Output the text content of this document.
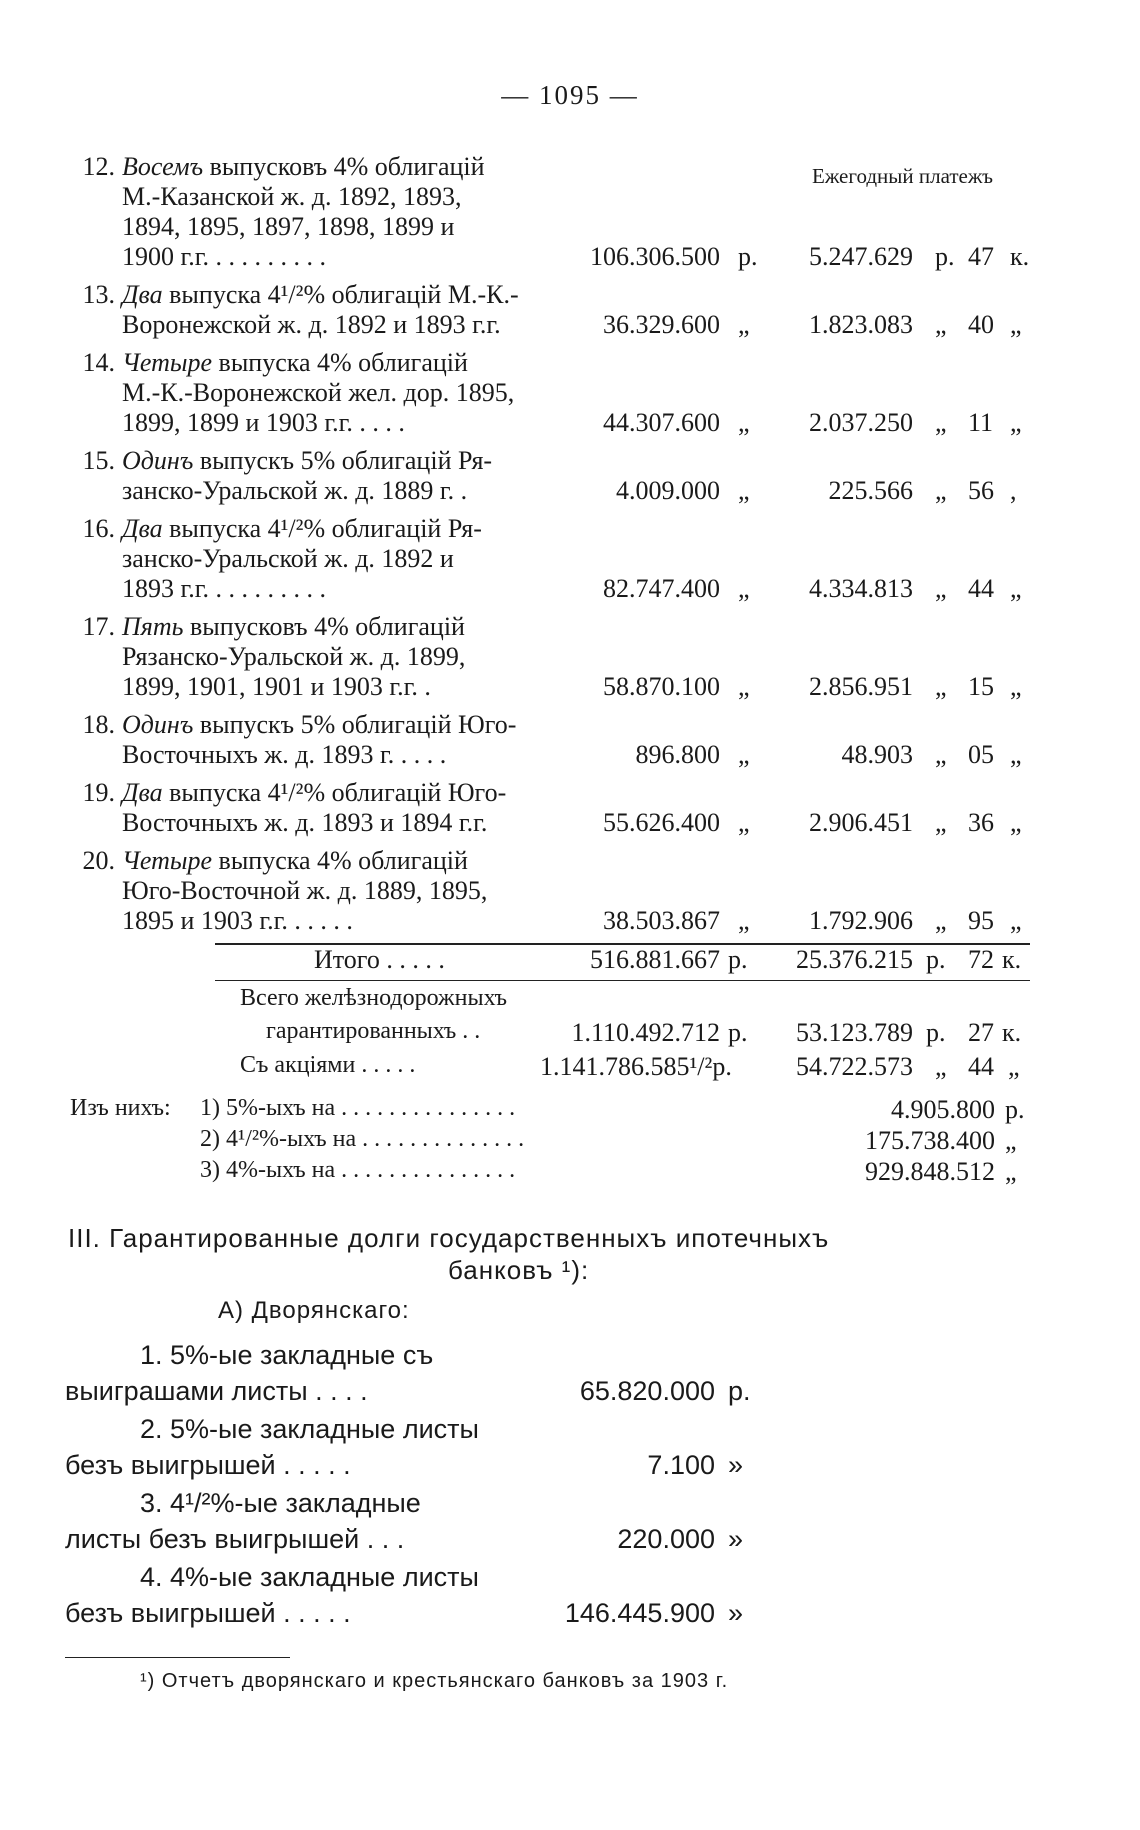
— 1095 —
Ежегодный платежъ
12. Восемъ выпусковъ 4% облигацій
М.-Казанской ж. д. 1892, 1893,
1894, 1895, 1897, 1898, 1899 и
1900 г.г. . . . . . . . . .	106.306.500 р.	5.247.629 р. 47 к.
13. Два выпуска 4¹/²% облигацій М.-К.-
Воронежской ж. д. 1892 и 1893 г.г.	36.329.600 „	1.823.083 „ 40 „
14. Четыре выпуска 4% облигацій
М.-К.-Воронежской жел. дор. 1895,
1899, 1899 и 1903 г.г. . . . .	44.307.600 „	2.037.250 „ 11 „
15. Одинъ выпускъ 5% облигацій Ря-
занско-Уральской ж. д. 1889 г. .	4.009.000 „	225.566 „ 56 ,
16. Два выпуска 4¹/²% облигацій Ря-
занско-Уральской ж. д. 1892 и
1893 г.г. . . . . . . . . .	82.747.400 „	4.334.813 „ 44 „
17. Пять выпусковъ 4% облигацій
Рязанско-Уральской ж. д. 1899,
1899, 1901, 1901 и 1903 г.г. .	58.870.100 „	2.856.951 „ 15 „
18. Одинъ выпускъ 5% облигацій Юго-
Восточныхъ ж. д. 1893 г. . . . .	896.800 „	48.903 „ 05 „
19. Два выпуска 4¹/²% облигацій Юго-
Восточныхъ ж. д. 1893 и 1894 г.г.	55.626.400 „	2.906.451 „ 36 „
20. Четыре выпуска 4% облигацій
Юго-Восточной ж. д. 1889, 1895,
1895 и 1903 г.г. . . . . .	38.503.867 „	1.792.906 „ 95 „
Итого . . . . .	516.881.667 р.	25.376.215 р. 72 к.
Всего желѣзнодорожныхъ
гарантированныхъ . .	1.110.492.712 р.	53.123.789 р. 27 к.
Съ акціями . . . . .	1.141.786.585¹/²р.	54.722.573 „ 44 „
Изъ нихъ: 1) 5%-ыхъ на . . . . . . . . . . . . . . .	4.905.800 р.
2) 4¹/²%-ыхъ на . . . . . . . . . . . . . .	175.738.400 „
3) 4%-ыхъ на . . . . . . . . . . . . . . .	929.848.512 „
III. Гарантированные долги государственныхъ ипотечныхъ
банковъ ¹):
А) Дворянскаго:
1. 5%-ые закладные съ
выиграшами листы . . . .	65.820.000 р.
2. 5%-ые закладные листы
безъ выигрышей . . . . .	7.100 »
3. 4¹/²%-ые закладные
листы безъ выигрышей . . .	220.000 »
4. 4%-ые закладные листы
безъ выигрышей . . . . .	146.445.900 »
¹) Отчетъ дворянскаго и крестьянскаго банковъ за 1903 г.
